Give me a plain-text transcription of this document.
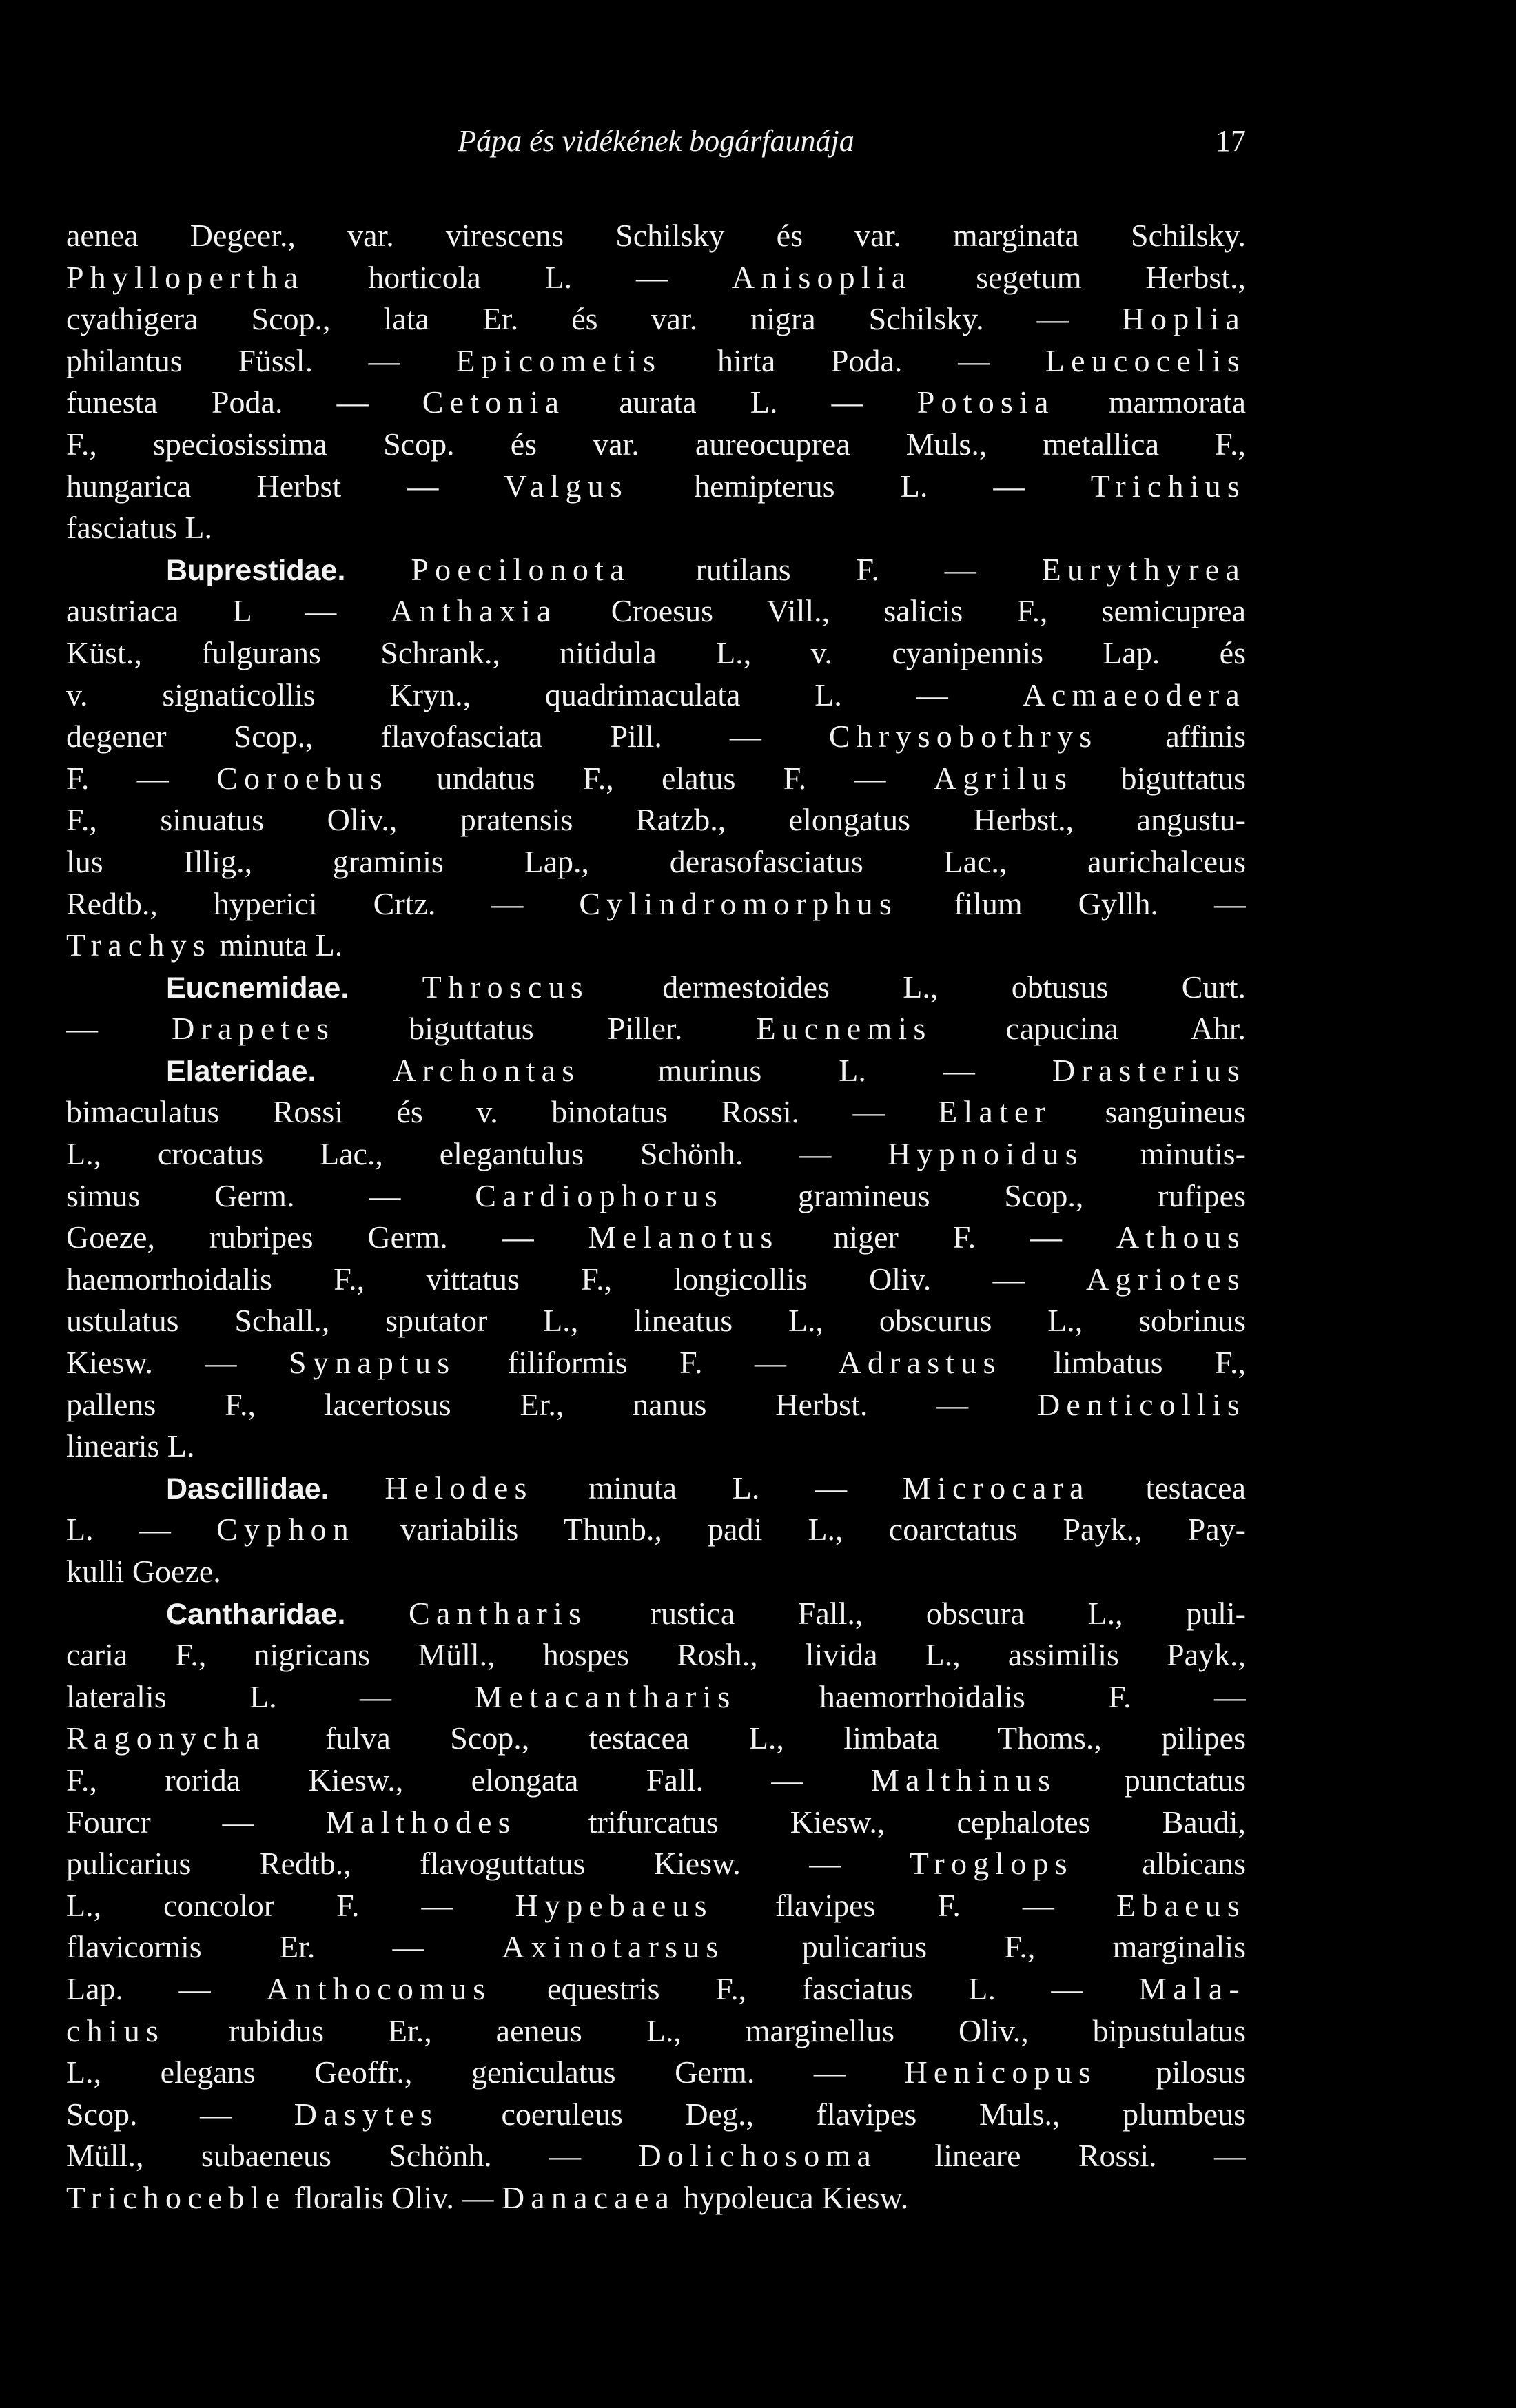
Pápa és vidékének bogárfaunája	17
aenea Degeer., var. virescens Schilsky és var. marginata Schilsky.
Phyllopertha horticola L. — Anisoplia segetum Herbst.,
cyathigera Scop., lata Er. és var. nigra Schilsky. — Hoplia
philantus Füssl. — Epicometis hirta Poda. — Leucocelis
funesta Poda. — Cetonia aurata L. — Potosia marmorata
F., speciosissima Scop. és var. aureocuprea Muls., metallica F.,
hungarica Herbst — Valgus hemipterus L. — Trichius
fasciatus L.
Buprestidae. Poecilonota rutilans F. — Eurythyrea
austriaca L — Anthaxia Croesus Vill., salicis F., semicuprea
Küst., fulgurans Schrank., nitidula L., v. cyanipennis Lap. és
v. signaticollis Kryn., quadrimaculata L. — Acmaeodera
degener Scop., flavofasciata Pill. — Chrysobothrys affinis
F. — Coroebus undatus F., elatus F. — Agrilus biguttatus
F., sinuatus Oliv., pratensis Ratzb., elongatus Herbst., angustu-
lus Illig., graminis Lap., derasofasciatus Lac., aurichalceus
Redtb., hyperici Crtz. — Cylindromorphus filum Gyllh. —
Trachys minuta L.
Eucnemidae. Throscus dermestoides L., obtusus Curt.
— Drapetes biguttatus Piller. Eucnemis capucina Ahr.
Elateridae. Archontas murinus L. — Drasterius
bimaculatus Rossi és v. binotatus Rossi. — Elater sanguineus
L., crocatus Lac., elegantulus Schönh. — Hypnoidus minutis-
simus Germ. — Cardiophorus gramineus Scop., rufipes
Goeze, rubripes Germ. — Melanotus niger F. — Athous
haemorrhoidalis F., vittatus F., longicollis Oliv. — Agriotes
ustulatus Schall., sputator L., lineatus L., obscurus L., sobrinus
Kiesw. — Synaptus filiformis F. — Adrastus limbatus F.,
pallens F., lacertosus Er., nanus Herbst. — Denticollis
linearis L.
Dascillidae. Helodes minuta L. — Microcara testacea
L. — Cyphon variabilis Thunb., padi L., coarctatus Payk., Pay-
kulli Goeze.
Cantharidae. Cantharis rustica Fall., obscura L., puli-
caria F., nigricans Müll., hospes Rosh., livida L., assimilis Payk.,
lateralis L. — Metacantharis haemorrhoidalis F. —
Ragonycha fulva Scop., testacea L., limbata Thoms., pilipes
F., rorida Kiesw., elongata Fall. — Malthinus punctatus
Fourcr — Malthodes trifurcatus Kiesw., cephalotes Baudi,
pulicarius Redtb., flavoguttatus Kiesw. — Troglops albicans
L., concolor F. — Hypebaeus flavipes F. — Ebaeus
flavicornis Er. — Axinotarsus pulicarius F., marginalis
Lap. — Anthocomus equestris F., fasciatus L. — Mala-
chius rubidus Er., aeneus L., marginellus Oliv., bipustulatus
L., elegans Geoffr., geniculatus Germ. — Henicopus pilosus
Scop. — Dasytes coeruleus Deg., flavipes Muls., plumbeus
Müll., subaeneus Schönh. — Dolichosoma lineare Rossi. —
Trichoceble floralis Oliv. — Danacaea hypoleuca Kiesw.
